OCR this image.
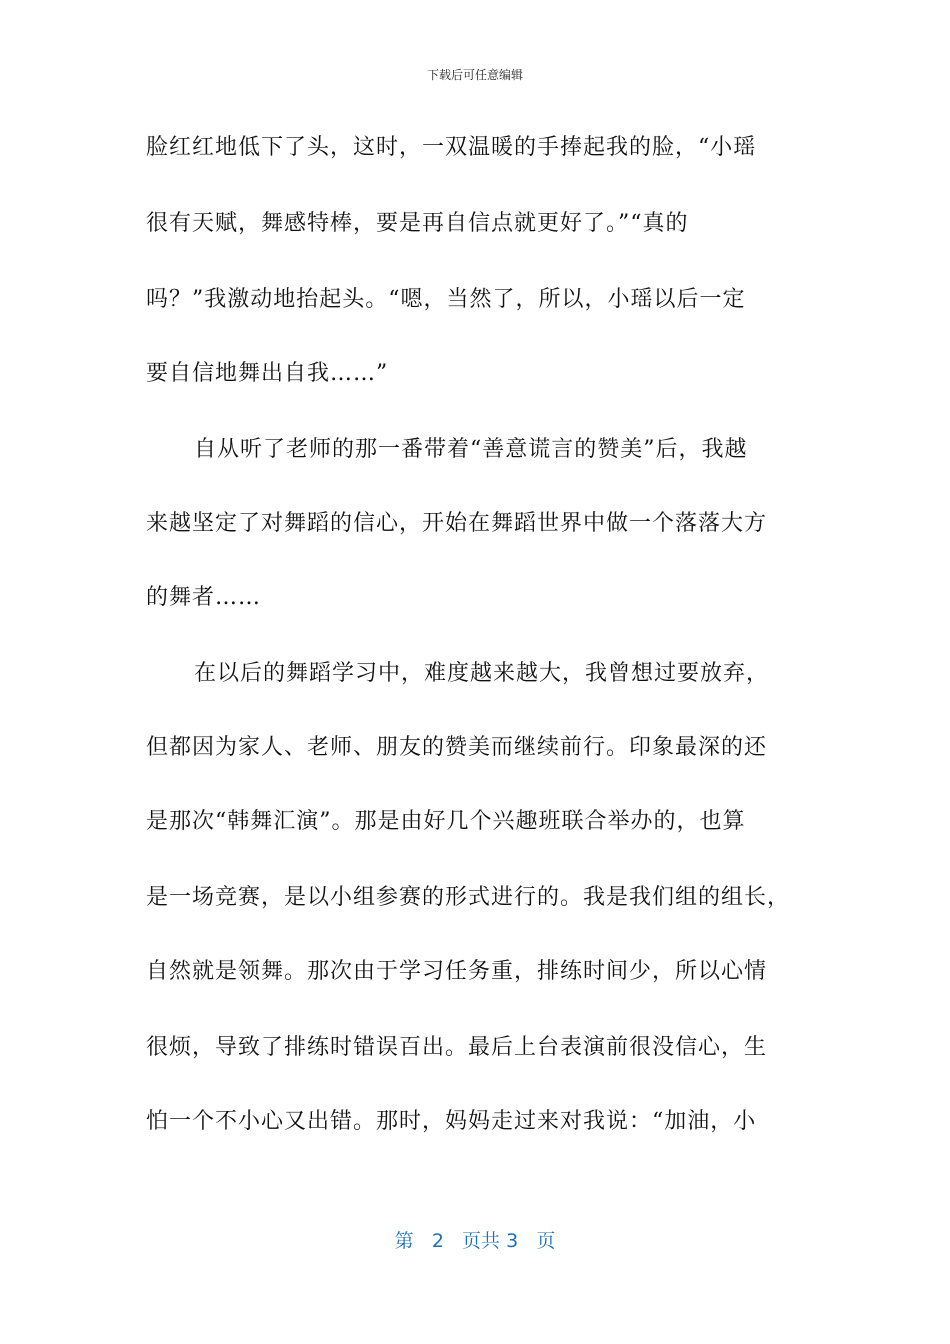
下载后可任意编辑
脸红红地低下了头，这时，一双温暖的手捧起我的脸，“小瑶
很有天赋，舞感特棒，要是再自信点就更好了。”“真的
吗？”我激动地抬起头。“嗯，当然了，所以，小瑶以后一定
要自信地舞出自我……”
自从听了老师的那一番带着“善意谎言的赞美”后，我越
来越坚定了对舞蹈的信心，开始在舞蹈世界中做一个落落大方
的舞者……
在以后的舞蹈学习中，难度越来越大，我曾想过要放弃，
但都因为家人、老师、朋友的赞美而继续前行。印象最深的还
是那次“韩舞汇演”。那是由好几个兴趣班联合举办的，也算
是一场竞赛，是以小组参赛的形式进行的。我是我们组的组长，
自然就是领舞。那次由于学习任务重，排练时间少，所以心情
很烦，导致了排练时错误百出。最后上台表演前很没信心，生
怕一个不小心又出错。那时，妈妈走过来对我说：“加油，小
第 2 页共 3 页
